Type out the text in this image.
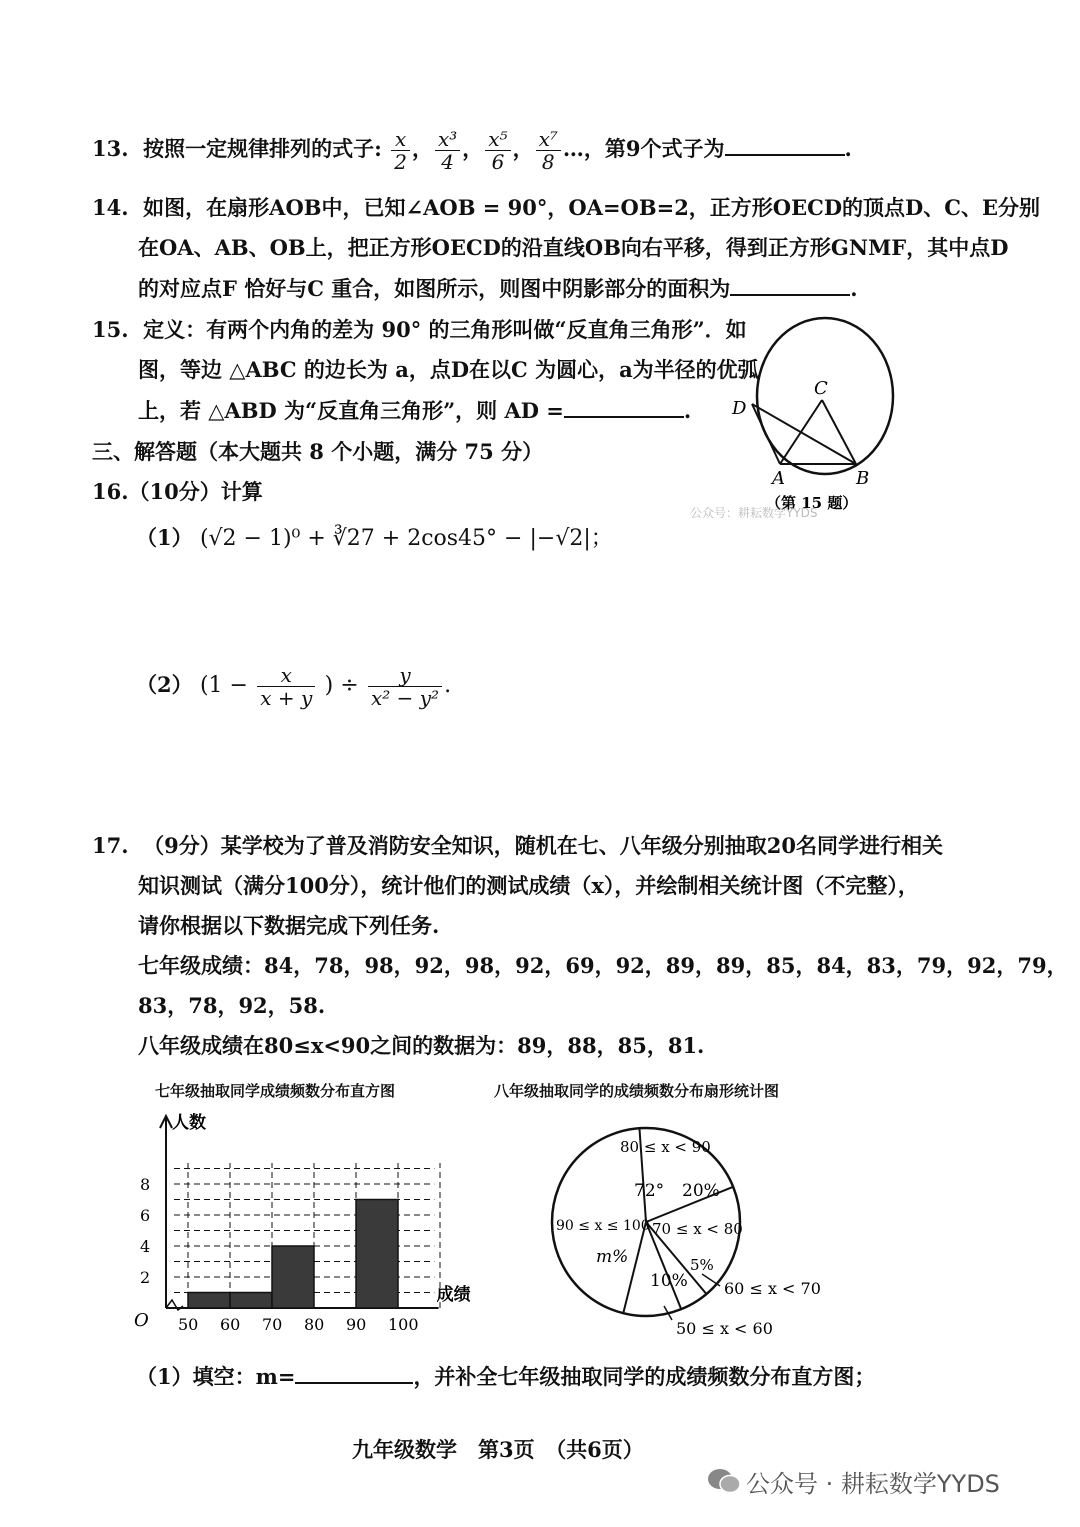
13. 按照一定规律排列的式子: $\frac{x}{2}$ ， $\frac{\text{x³}}{4}$ ， $\frac{\text{x⁵}}{6}$ ， $\frac{\text{x⁷}}{8}$ …，第9个式子为	.
14. 如图，在扇形AOB中，已知∠AOB = 90°，OA=OB=2，正方形OECD的顶点D、C、E分别
在OA、AB、OB上，把正方形OECD的沿直线OB向右平移，得到正方形GNMF，其中点D
的对应点F 恰好与C 重合，如图所示，则图中阴影部分的面积为	.
15. 定义：有两个内角的差为 90° 的三角形叫做“反直角三角形”．如
图，等边 △ABC 的边长为 a，点D在以C 为圆心，a为半径的优弧
上，若 △ABD 为“反直角三角形”，则 AD =	. D
C
A	B
（第 15 题）
公众号：耕耘数学YYDS
三、解答题（本大题共 8 个小题，满分 75 分）
16.（10分）计算
（1） (√2 − 1)⁰ + ∛27 + 2cos45° − |−√2|；
（2） ($1 - \frac{x}{x + y}$ ) ÷ $\frac{y}{\text{x² − y²}}$ .
17. （9分）某学校为了普及消防安全知识，随机在七、八年级分别抽取20名同学进行相关
知识测试（满分100分），统计他们的测试成绩（x），并绘制相关统计图（不完整），
请你根据以下数据完成下列任务.
七年级成绩：84，78，98，92，98，92，69，92，89，89，85，84，83，79，92，79，
83，78，92，58.
八年级成绩在80≤x<90之间的数据为：89，88，85，81.
七年级抽取同学成绩频数分布直方图
人数
成绩
O
2
4
6
8
50 60 70 80 90 100
八年级抽取同学的成绩频数分布扇形统计图
80 ≤ x < 90
70 ≤ x < 80
60 ≤ x < 70
50 ≤ x < 60
90 ≤ x ≤ 100
72° 20%
5%
10%
m%
（1）填空：m=	，并补全七年级抽取同学的成绩频数分布直方图；
九年级数学　第3页　（共6页）
公众号 · 耕耘数学YYDS
